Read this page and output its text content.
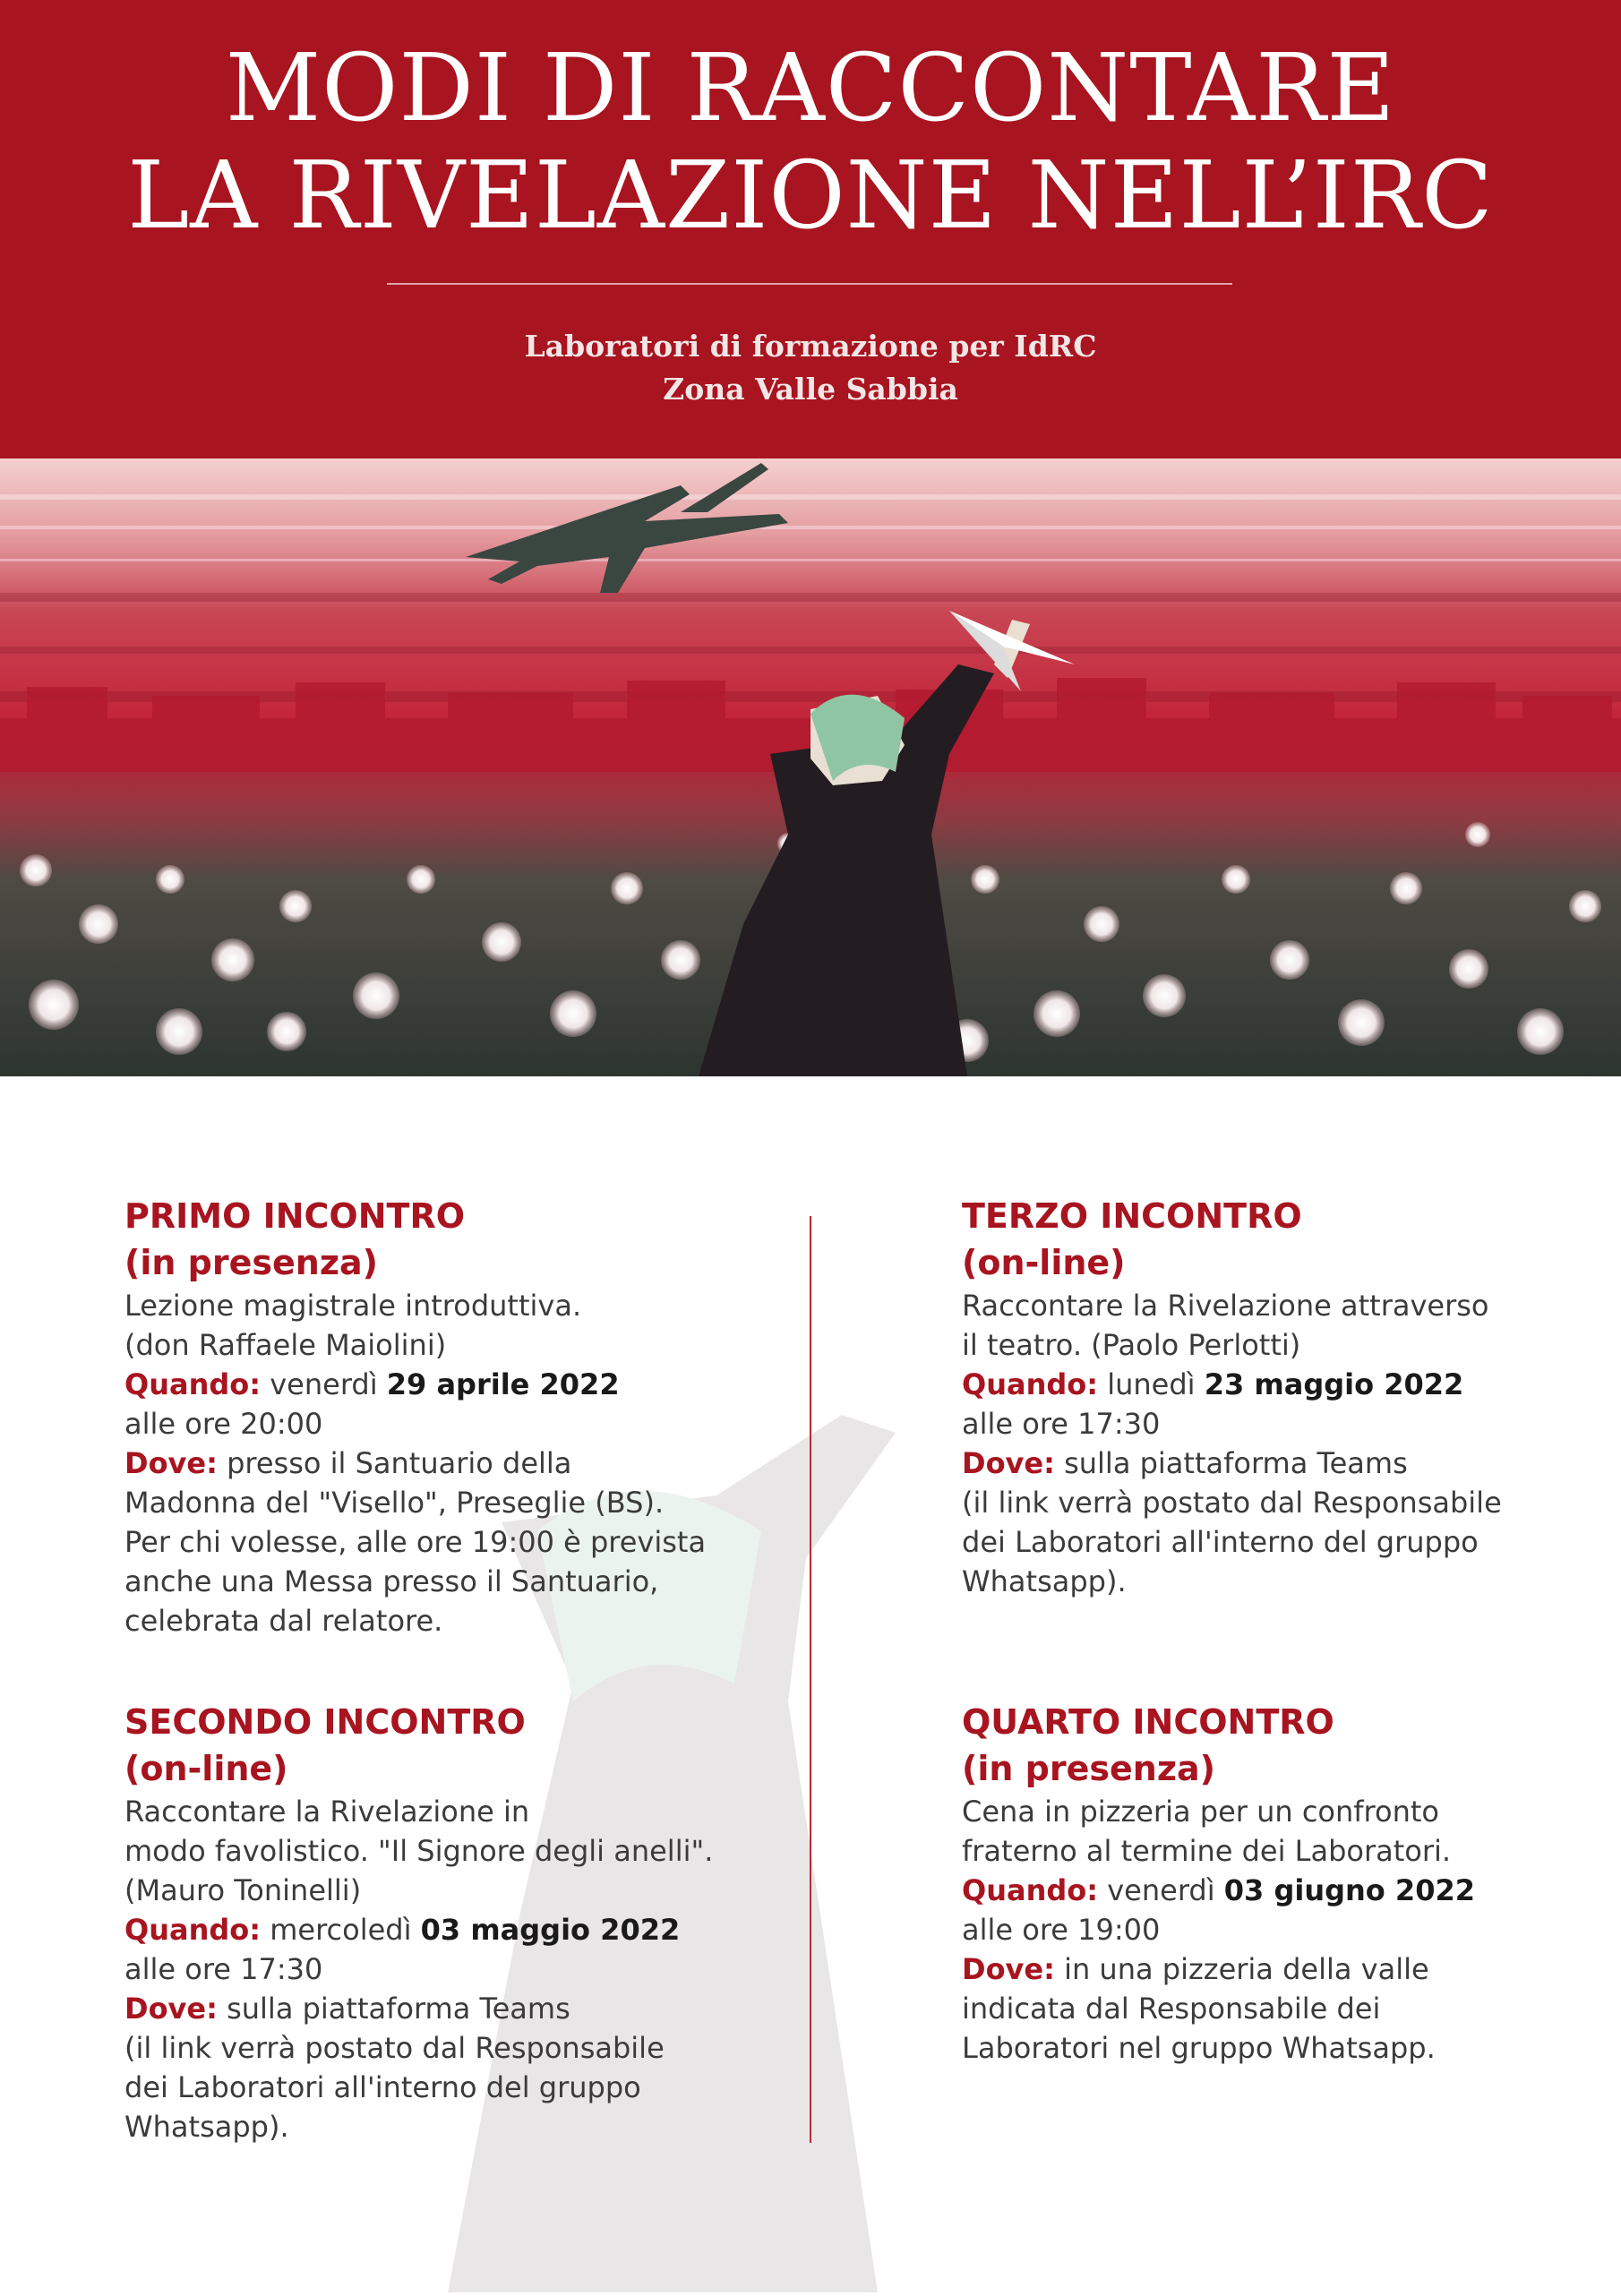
MODI DI RACCONTARE
LA RIVELAZIONE NELL’IRC
Laboratori di formazione per IdRC
Zona Valle Sabbia
PRIMO INCONTRO
(in presenza)
Lezione magistrale introduttiva.
(don Raffaele Maiolini)
Quando: venerdì 29 aprile 2022
alle ore 20:00
Dove: presso il Santuario della
Madonna del "Visello", Preseglie (BS).
Per chi volesse, alle ore 19:00 è prevista
anche una Messa presso il Santuario,
celebrata dal relatore.
TERZO INCONTRO
(on-line)
Raccontare la Rivelazione attraverso
il teatro. (Paolo Perlotti)
Quando: lunedì 23 maggio 2022
alle ore 17:30
Dove: sulla piattaforma Teams
(il link verrà postato dal Responsabile
dei Laboratori all'interno del gruppo
Whatsapp).
SECONDO INCONTRO
(on-line)
Raccontare la Rivelazione in
modo favolistico. "Il Signore degli anelli".
(Mauro Toninelli)
Quando: mercoledì 03 maggio 2022
alle ore 17:30
Dove: sulla piattaforma Teams
(il link verrà postato dal Responsabile
dei Laboratori all'interno del gruppo
Whatsapp).
QUARTO INCONTRO
(in presenza)
Cena in pizzeria per un confronto
fraterno al termine dei Laboratori.
Quando: venerdì 03 giugno 2022
alle ore 19:00
Dove: in una pizzeria della valle
indicata dal Responsabile dei
Laboratori nel gruppo Whatsapp.
